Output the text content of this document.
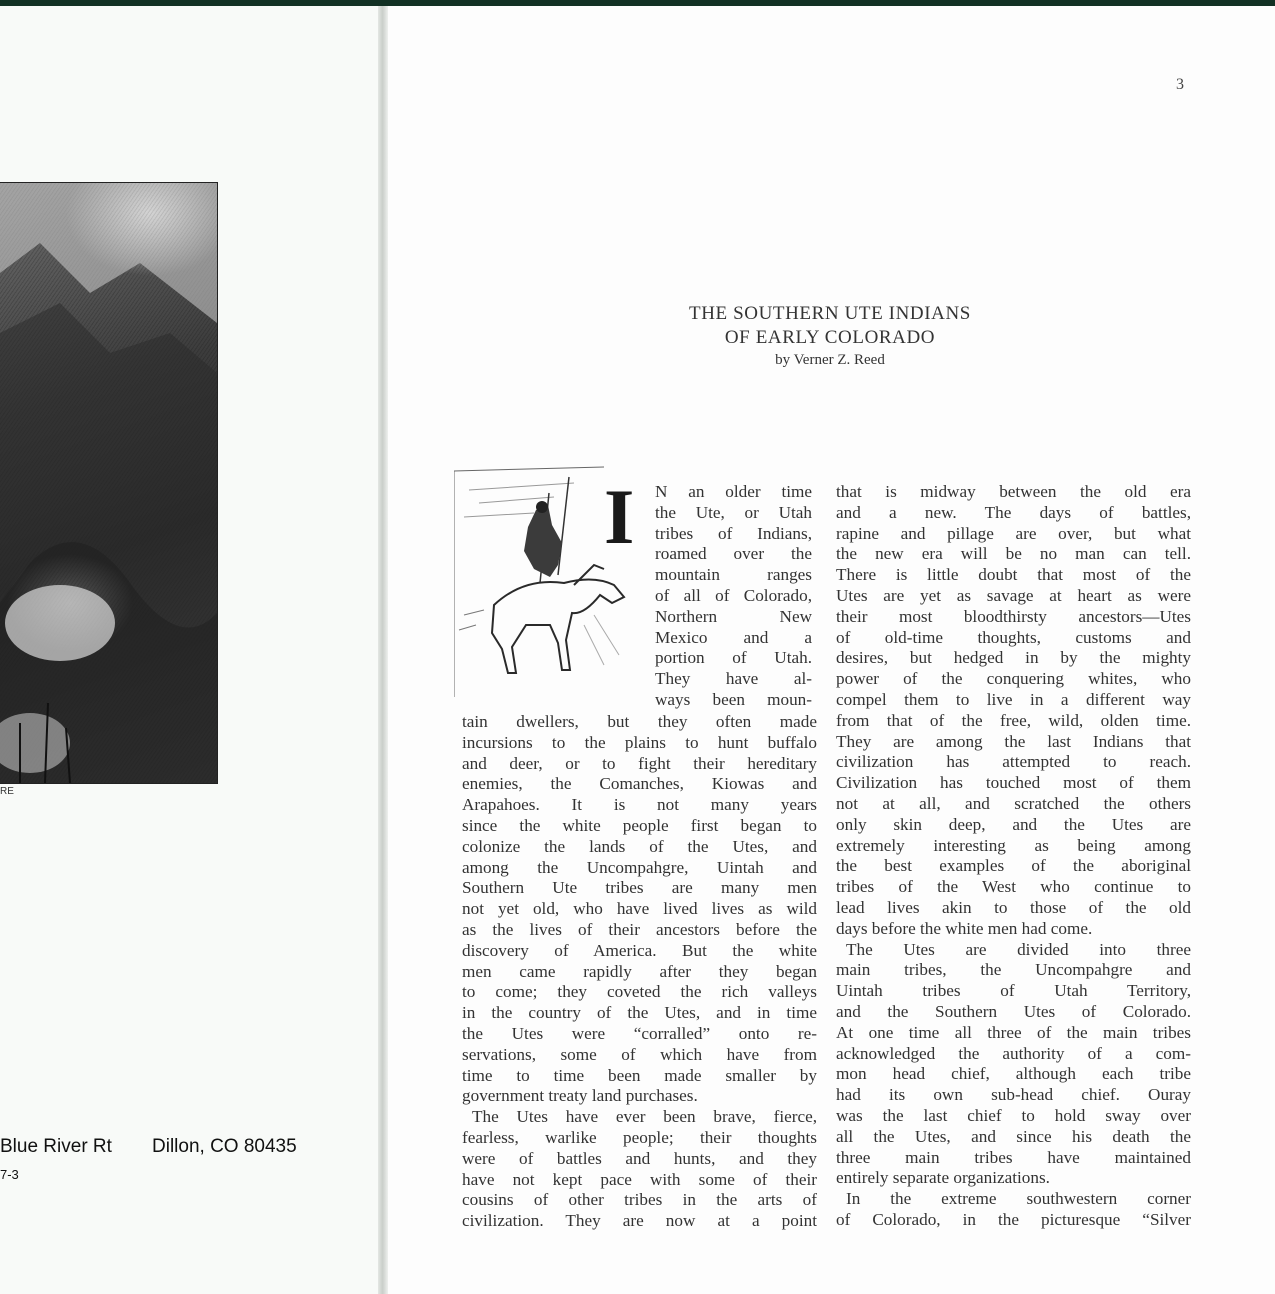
RE
Blue River Rt Dillon, CO 80435
7-3
3
THE SOUTHERN UTE INDIANS
OF EARLY COLORADO
by Verner Z. Reed
I N an older time

the Ute, or Utah

tribes of Indians,

roamed over the

mountain ranges

of all of Colorado,

Northern New

Mexico and a

portion of Utah.

They have al-

ways been moun-

tain dwellers, but they often made

incursions to the plains to hunt buffalo

and deer, or to fight their hereditary

enemies, the Comanches, Kiowas and

Arapahoes. It is not many years

since the white people first began to

colonize the lands of the Utes, and

among the Uncompahgre, Uintah and

Southern Ute tribes are many men

not yet old, who have lived lives as wild

as the lives of their ancestors before the

discovery of America. But the white

men came rapidly after they began

to come; they coveted the rich valleys

in the country of the Utes, and in time

the Utes were “corralled” onto re-

servations, some of which have from

time to time been made smaller by

government treaty land purchases.

The Utes have ever been brave, fierce,

fearless, warlike people; their thoughts

were of battles and hunts, and they

have not kept pace with some of their

cousins of other tribes in the arts of

civilization. They are now at a point

that is midway between the old era

and a new. The days of battles,

rapine and pillage are over, but what

the new era will be no man can tell.

There is little doubt that most of the

Utes are yet as savage at heart as were

their most bloodthirsty ancestors—Utes

of old-time thoughts, customs and

desires, but hedged in by the mighty

power of the conquering whites, who

compel them to live in a different way

from that of the free, wild, olden time.

They are among the last Indians that

civilization has attempted to reach.

Civilization has touched most of them

not at all, and scratched the others

only skin deep, and the Utes are

extremely interesting as being among

the best examples of the aboriginal

tribes of the West who continue to

lead lives akin to those of the old

days before the white men had come.

The Utes are divided into three

main tribes, the Uncompahgre and

Uintah tribes of Utah Territory,

and the Southern Utes of Colorado.

At one time all three of the main tribes

acknowledged the authority of a com-

mon head chief, although each tribe

had its own sub-head chief. Ouray

was the last chief to hold sway over

all the Utes, and since his death the

three main tribes have maintained

entirely separate organizations.

In the extreme southwestern corner

of Colorado, in the picturesque “Silver
